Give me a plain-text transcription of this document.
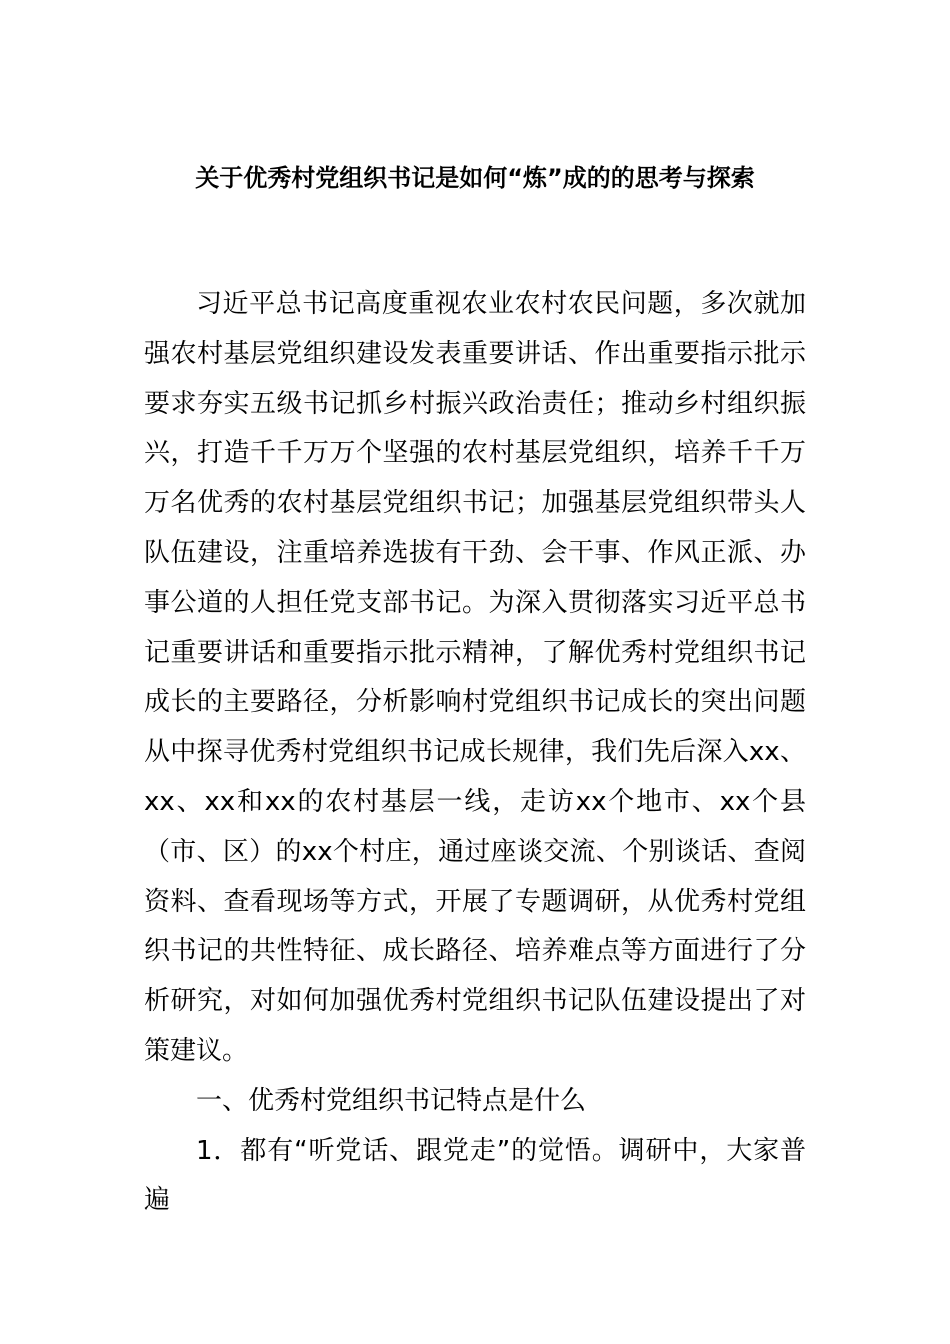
关于优秀村党组织书记是如何“炼”成的的思考与探索

习近平总书记高度重视农业农村农民问题，多次就加强农村基层党组织建设发表重要讲话、作出重要指示批示要求夯实五级书记抓乡村振兴政治责任；推动乡村组织振兴，打造千千万万个坚强的农村基层党组织，培养千千万万名优秀的农村基层党组织书记；加强基层党组织带头人队伍建设，注重培养选拔有干劲、会干事、作风正派、办事公道的人担任党支部书记。为深入贯彻落实习近平总书记重要讲话和重要指示批示精神，了解优秀村党组织书记成长的主要路径，分析影响村党组织书记成长的突出问题从中探寻优秀村党组织书记成长规律，我们先后深入xx、xx、xx和xx的农村基层一线，走访xx个地市、xx个县（市、区）的xx个村庄，通过座谈交流、个别谈话、查阅资料、查看现场等方式，开展了专题调研，从优秀村党组织书记的共性特征、成长路径、培养难点等方面进行了分析研究，对如何加强优秀村党组织书记队伍建设提出了对策建议。

一、优秀村党组织书记特点是什么

1．都有“听党话、跟党走”的觉悟。调研中，大家普遍
